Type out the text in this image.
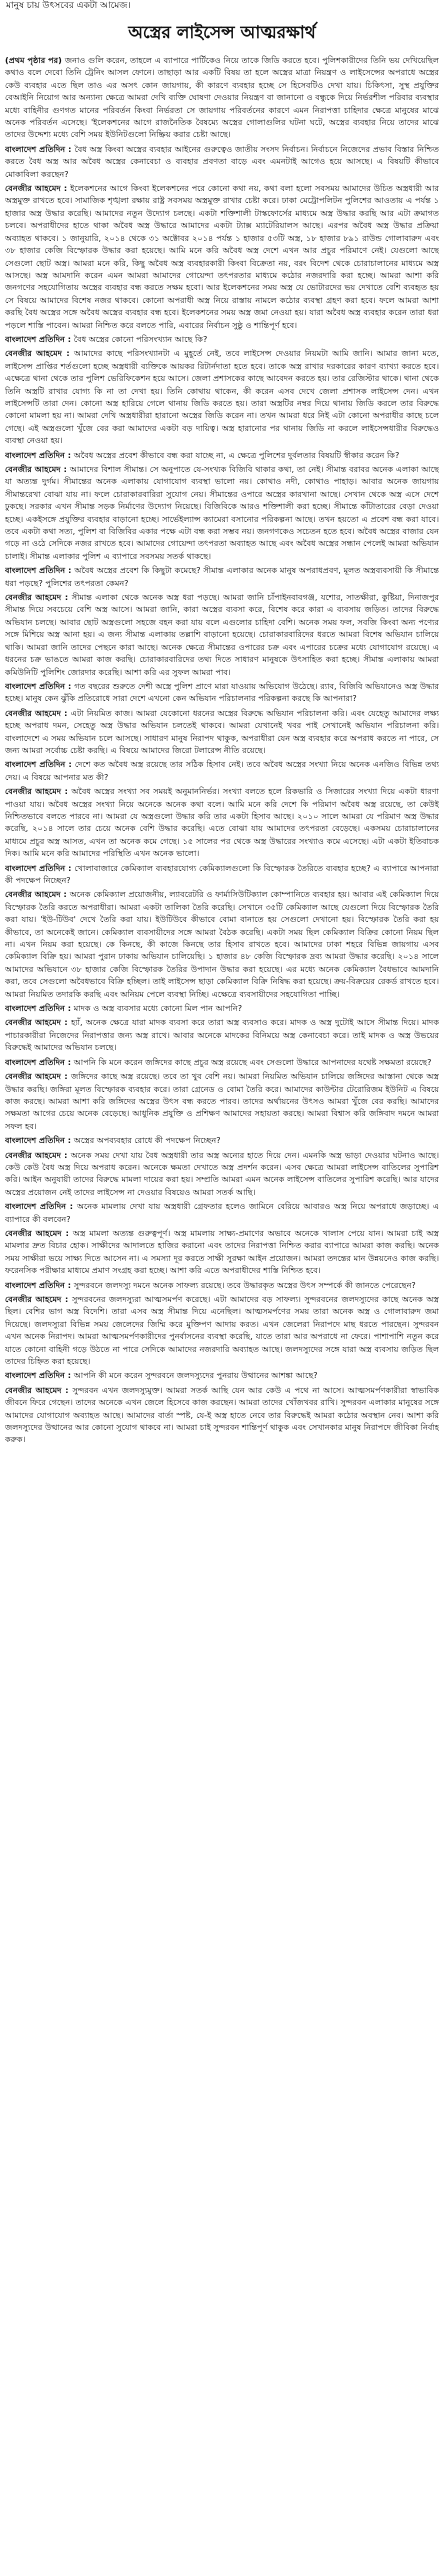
মানুষ চায় উৎসবের একটা আমেজ।
অস্ত্রের লাইসেন্স আত্মরক্ষার্থ

(প্রথম পৃষ্ঠার পর) জনাও গুলি করেন, তাহলে এ ব্যাপারে পার্টিকেও নিয়ে তাকে জিডি করতে হবে। পুলিশকারীদের তিনি ভয় দেখিয়েছিল কথাও বলে দেবো তিনি ট্রেনিং আসল ফোনে। তাছাড়া আর একটি বিষয় তা হলে অস্ত্রের মাত্রা নিয়ন্ত্রণ ও লাইসেন্সের অপরাধে অস্ত্রের কেউ ব্যবহার এতে ছিল তাও এর অসৎ কোন জায়গায়, কী কারণে ব্যবহার হচ্ছে সে হিসেবটিও দেখা যায়। চিকিৎসা, সুস্থ প্রযুক্তির বেআইনি নিয়োগ আর অন্যান্য ক্ষেত্রে আমরা দেখি ব্যক্তি ঘোষণা দেওয়ার নিয়ন্ত্রণ বা জানানো ও বন্ধুকে দিয়ে নির্ভরশীল পরিবার ব্যবস্থার মধ্যে বাহিনীর গুণগত মানের পরিবর্তন কিংবা নির্ভরতা সে জায়গায় পরিবর্তনের কারণে এমন নিরাপত্তা চাহিদার ক্ষেত্রে মানুষের মাঝে অনেক পরিবর্তন এসেছে। 'ইলেকশনের আগে রাজনৈতিক বৈষম্যে অস্ত্রের গোলাগুলির ঘটনা ঘটে, অস্ত্রের ব্যবহার নিয়ে তাদের মাঝে তাদের উদ্দেশ্য মধ্যে বেশি সময় ইউনিটগুলো নিষ্ক্রিয় করার চেষ্টা আছে।

বাংলাদেশ প্রতিদিন : বৈধ অস্ত্র কিংবা অস্ত্রের ব্যবহার আইনের গুরুত্বেও জাতীয় সংসদ নির্বাচন। নির্বাচনে নিজেদের প্রভাব বিস্তার নিশ্চিত করতে বৈধ অস্ত্র আর অবৈধ অস্ত্রের কেনাবেচা ও ব্যবহার প্রবণতা বাড়ে এবং এমনটাই আগেও হয়ে আসছে। এ বিষয়টি কীভাবে মোকাবিলা করছেন?

বেনজীর আহমেদ : ইলেকশনের আগে কিংবা ইলেকশনের পরে কোনো কথা নয়, কথা বলা হলো সবসময় আমাদের উচিত অস্ত্রধারী আর অস্ত্রমুক্ত রাখতে হবে। সামাজিক শৃঙ্খলা রক্ষায় রাষ্ট্র সবসময় অস্ত্রমুক্ত রাখার চেষ্টা করে। ঢাকা মেট্রোপলিটন পুলিশের আওতায় এ পর্যন্ত ১ হাজার অস্ত্র উদ্ধার করেছি। আমাদের নতুন উদ্যোগ চলছে। একটা শক্তিশালী টাস্কফোর্সের মাধ্যমে অস্ত্র উদ্ধার করছি আর এটা ক্রমাগত চলবে। অপরাধীদের হাতে থাকা অবৈধ অস্ত্র উদ্ধারে আমাদের একটা ট্যাক্স ম্যাটেরিয়ালস আছে। এরপর অবৈধ অস্ত্র উদ্ধার প্রক্রিয়া অব্যাহত থাকবে। ১ জানুয়ারি, ২০১৪ থেকে ৩১ অক্টোবর ২০১৪ পর্যন্ত ১ হাজার ৫৩টি অস্ত্র, ১৮ হাজার ৮৯১ রাউন্ড গোলাবারুদ এবং ৩৮ হাজার কেজি বিস্ফোরক উদ্ধার করা হয়েছে। আমি মনে করি অবৈধ অস্ত্র দেশে এখন আর প্রচুর পরিমাণে নেই। যেগুলো আছে সেগুলো ছোট অস্ত্র। আমরা মনে করি, কিছু অবৈধ অস্ত্র ব্যবহারকারী কিংবা বিক্রেতা নয়, বরং বিদেশ থেকে চোরাচালানের মাধ্যমে অস্ত্র আসছে। অস্ত্র আমদানি করেন এমন আমরা আমাদের গোয়েন্দা তৎপরতার মাধ্যমে কঠোর নজরদারি করা হচ্ছে। আমরা আশা করি জনগণের সহযোগিতায় অস্ত্রের ব্যবহার বন্ধ করতে সক্ষম হবো। আর ইলেকশনের সময় অস্ত্র যে ভোটারদের ভয় দেখাতে বেশি ব্যবহৃত হয় সে বিষয়ে আমাদের বিশেষ নজর থাকবে। কোনো অপরাধী অস্ত্র নিয়ে রাস্তায় নামলে কঠোর ব্যবস্থা গ্রহণ করা হবে। ফলে আমরা আশা করছি বৈধ অস্ত্রের সঙ্গে অবৈধ অস্ত্রের ব্যবহার বন্ধ হবে। ইলেকশনের সময় অস্ত্র জমা নেওয়া হয়। যারা অবৈধ অস্ত্র ব্যবহার করেন তারা ধরা পড়লে শাস্তি পাবেন। আমরা নিশ্চিত করে বলতে পারি, এবারের নির্বাচন সুষ্ঠু ও শান্তিপূর্ণ হবে।

বাংলাদেশ প্রতিদিন : বৈধ অস্ত্রের কোনো পরিসংখ্যান আছে কি?

বেনজীর আহমেদ : আমাদের কাছে পরিসংখ্যানটা এ মুহূর্তে নেই, তবে লাইসেন্স দেওয়ার নিয়মটা আমি জানি। আমার জানা মতে, লাইসেন্স প্রাপ্তির শর্তগুলো হচ্ছে অস্ত্রধারী ব্যক্তিকে আয়কর রিটার্নদাতা হতে হবে। তাকে অস্ত্র রাখার দরকারের কারণ ব্যাখ্যা করতে হবে। এক্ষেত্রে থানা থেকে তার পুলিশ ভেরিফিকেশন হয়ে আসে। জেলা প্রশাসকের কাছে আবেদন করতে হয়। তার রেজিস্টার থাকে। থানা থেকে তিনি অস্ত্রটি রাখার যোগ্য কি না তা দেখা হয়। তিনি কোথায় থাকেন, কী করেন এসব দেখে জেলা প্রশাসক লাইসেন্স দেন। এখন লাইসেন্সটি তারা দেন। কোনো অস্ত্র হারিয়ে গেলে থানায় জিডি করতে হয়। তারা অস্ত্রটির নম্বর দিয়ে থানায় জিডি করলে তার বিরুদ্ধে কোনো মামলা হয় না। আমরা দেখি অস্ত্রধারীরা হারানো অস্ত্রের জিডি করেন না। তখন আমরা ধরে নিই এটা কোনো অপরাধীর কাছে চলে গেছে। এই অস্ত্রগুলো খুঁজে বের করা আমাদের একটা বড় দায়িত্ব। অস্ত্র হারানোর পর থানায় জিডি না করলে লাইসেন্সধারীর বিরুদ্ধেও ব্যবস্থা নেওয়া হয়।

বাংলাদেশ প্রতিদিন : অবৈধ অস্ত্রের প্রবেশ কীভাবে বন্ধ করা যাচ্ছে না, এ ক্ষেত্রে পুলিশের দুর্বলতার বিষয়টি স্বীকার করেন কি?

বেনজীর আহমেদ : আমাদের বিশাল সীমান্ত। সে অনুপাতে যে-সংখ্যক বিজিবি থাকার কথা, তা নেই। সীমান্ত বরাবর অনেক এলাকা আছে যা অত্যন্ত দুর্গম। সীমান্তের অনেক এলাকায় যোগাযোগ ব্যবস্থা ভালো নয়। কোথাও নদী, কোথাও পাহাড়। আবার অনেক জায়গায় সীমান্তরেখা বোঝা যায় না। ফলে চোরাকারবারিরা সুযোগ নেয়। সীমান্তের ওপারে অস্ত্রের কারখানা আছে। সেখান থেকে অস্ত্র এসে দেশে ঢুকছে। সরকার এখন সীমান্ত সড়ক নির্মাণের উদ্যোগ নিয়েছে। বিজিবিকে আরও শক্তিশালী করা হচ্ছে। সীমান্তে কাঁটাতারের বেড়া দেওয়া হচ্ছে। একইসঙ্গে প্রযুক্তির ব্যবহার বাড়ানো হচ্ছে। সার্ভেইল্যান্স ক্যামেরা বসানোর পরিকল্পনা আছে। তখন হয়তো এ প্রবেশ বন্ধ করা যাবে। তবে একটা কথা সত্য, পুলিশ বা বিজিবির একার পক্ষে এটা বন্ধ করা সম্ভব নয়। জনগণকেও সচেতন হতে হবে। অবৈধ অস্ত্রের বাজার যেন গড়ে না ওঠে সেদিকে নজর রাখতে হবে। আমাদের গোয়েন্দা তৎপরতা অব্যাহত আছে এবং অবৈধ অস্ত্রের সন্ধান পেলেই আমরা অভিযান চালাই। সীমান্ত এলাকার পুলিশ এ ব্যাপারে সবসময় সতর্ক থাকছে।

বাংলাদেশ প্রতিদিন : অবৈধ অস্ত্রের প্রবেশ কি কিছুটা কমেছে? সীমান্ত এলাকার অনেক মানুষ অপরাধপ্রবণ, মূলত অস্ত্রব্যবসায়ী কি সীমান্তে ধরা পড়ছে? পুলিশের তৎপরতা কেমন?

বেনজীর আহমেদ : সীমান্ত এলাকা থেকে অনেক অস্ত্র ধরা পড়ছে। আমরা জানি চাঁপাইনবাবগঞ্জ, যশোর, সাতক্ষীরা, কুষ্টিয়া, দিনাজপুর সীমান্ত দিয়ে সবচেয়ে বেশি অস্ত্র আসে। আমরা জানি, কারা অস্ত্রের ব্যবসা করে, বিশেষ করে কারা এ ব্যবসায় জড়িত। তাদের বিরুদ্ধে অভিযান চলছে। আবার ছোট অস্ত্রগুলো সহজে বহন করা যায় বলে এগুলোর চাহিদা বেশি। অনেক সময় ফল, সবজি কিংবা অন্য পণ্যের সঙ্গে মিশিয়ে অস্ত্র আনা হয়। এ জন্য সীমান্ত এলাকায় তল্লাশি বাড়ানো হয়েছে। চোরাকারবারিদের ধরতে আমরা বিশেষ অভিযান চালিয়ে থাকি। আমরা জানি তাদের পেছনে কারা আছে। অনেক ক্ষেত্রে সীমান্তের ওপারের চক্র এবং এপারের চক্রের মধ্যে যোগাযোগ রয়েছে। এ ধরনের চক্র ভাঙতে আমরা কাজ করছি। চোরাকারবারিদের তথ্য দিতে সাধারণ মানুষকে উৎসাহিত করা হচ্ছে। সীমান্ত এলাকায় আমরা কমিউনিটি পুলিশিং জোরদার করেছি। আশা করি এর সুফল আমরা পাব।

বাংলাদেশ প্রতিদিন : গত বছরের শুরুতে দেশী অস্ত্রে পুলিশ প্রাণে মারা যাওয়ায় অভিযোগ উঠেছে। র‍্যাব, বিজিবি অভিযানেও অস্ত্র উদ্ধার হচ্ছে। মানুষ কেন ঝুঁকি প্রতিরোধে সারা দেশে এখনো কেন অভিযান পরিচালনার পরিকল্পনা করছে কি আপনারা?

বেনজীর আহমেদ : এটা নিয়মিত কাজ। আমরা যেকোনো ধরনের অস্ত্রের বিরুদ্ধে অভিযান পরিচালনা করি। এবং যেহেতু আমাদের লক্ষ্য হচ্ছে অপরাধ দমন, সেহেতু অস্ত্র উদ্ধার অভিযান চলতেই থাকবে। আমরা যেখানেই খবর পাই সেখানেই অভিযান পরিচালনা করি। বাংলাদেশে এ সময় অভিযান চলে আসছে। সাধারণ মানুষ নিরাপদ থাকুক, অপরাধীরা যেন অস্ত্র ব্যবহার করে অপরাধ করতে না পারে, সে জন্য আমরা সর্বোচ্চ চেষ্টা করছি। এ বিষয়ে আমাদের জিরো টলারেন্স নীতি রয়েছে।

বাংলাদেশ প্রতিদিন : দেশে কত অবৈধ অস্ত্র রয়েছে তার সঠিক হিসাব নেই। তবে অবৈধ অস্ত্রের সংখ্যা নিয়ে অনেক এনজিও বিভিন্ন তথ্য দেয়। এ বিষয়ে আপনার মত কী?

বেনজীর আহমেদ : অবৈধ অস্ত্রের সংখ্যা সব সময়ই অনুমাননির্ভর। সংখ্যা বলতে হলে রিকভারি ও সিজারের সংখ্যা দিয়ে একটা ধারণা পাওয়া যায়। অবৈধ অস্ত্রের সংখ্যা নিয়ে অনেকে অনেক কথা বলে। আমি মনে করি দেশে কি পরিমাণ অবৈধ অস্ত্র রয়েছে, তা কেউই নিশ্চিতভাবে বলতে পারবে না। আমরা যে অস্ত্রগুলো উদ্ধার করি তার একটা হিসাব আছে। ২০১০ সালে আমরা যে পরিমাণ অস্ত্র উদ্ধার করেছি, ২০১৪ সালে তার চেয়ে অনেক বেশি উদ্ধার করেছি। এতে বোঝা যায় আমাদের তৎপরতা বেড়েছে। একসময় চোরাচালানের মাধ্যমে প্রচুর অস্ত্র আসত, এখন তা অনেক কমে গেছে। ১৫ সালের পর থেকে অস্ত্র উদ্ধারের সংখ্যাও কমে এসেছে। এটা একটা ইতিবাচক দিক। আমি মনে করি আমাদের পরিস্থিতি এখন অনেক ভালো।

বাংলাদেশ প্রতিদিন : খোলাবাজারে কেমিক্যাল ব্যবহারযোগ্য কেমিক্যালগুলো কি বিস্ফোরক তৈরিতে ব্যবহার হচ্ছে? এ ব্যাপারে আপনারা কী পদক্ষেপ নিচ্ছেন?

বেনজীর আহমেদ : অনেক কেমিক্যাল প্রয়োজনীয়, ল্যাবরেটরি ও ফার্মাসিউটিক্যাল কোম্পানিতে ব্যবহার হয়। আবার এই কেমিক্যাল দিয়ে বিস্ফোরক তৈরি করতে অপরাধীরা। আমরা একটা তালিকা তৈরি করেছি। সেখানে ৩৫টি কেমিক্যাল আছে যেগুলো দিয়ে বিস্ফোরক তৈরি করা যায়। 'ইউ-টিউব' দেখে তৈরি করা যায়। ইউটিউবে কীভাবে বোমা বানাতে হয় সেগুলো দেখানো হয়। বিস্ফোরক তৈরি করা হয় কীভাবে, তা অনেকেই জানে। কেমিক্যাল ব্যবসায়ীদের সঙ্গে আমরা বৈঠক করেছি। একটা সময় ছিল কেমিক্যাল বিক্রির কোনো নিয়ম ছিল না। এখন নিয়ম করা হয়েছে। কে কিনছে, কী কাজে কিনছে তার হিসাব রাখতে হবে। আমাদের ঢাকা শহরে বিভিন্ন জায়গায় এসব কেমিক্যাল বিক্রি হয়। আমরা পুরান ঢাকায় অভিযান চালিয়েছি। ১ হাজার ৪৮ কেজি বিস্ফোরক দ্রব্য আমরা উদ্ধার করেছি। ২০১৪ সালে আমাদের অভিযানে ৩৮ হাজার কেজি বিস্ফোরক তৈরির উপাদান উদ্ধার করা হয়েছে। এর মধ্যে অনেক কেমিক্যাল বৈধভাবে আমদানি করা, তবে সেগুলো অবৈধভাবে বিক্রি হচ্ছিল। তাই লাইসেন্স ছাড়া কেমিক্যাল বিক্রি নিষিদ্ধ করা হয়েছে। ক্রয়-বিক্রয়ের রেকর্ড রাখতে হবে। আমরা নিয়মিত তদারকি করছি এবং অনিয়ম পেলে ব্যবস্থা নিচ্ছি। এক্ষেত্রে ব্যবসায়ীদের সহযোগিতা পাচ্ছি।

বাংলাদেশ প্রতিদিন : মাদক ও অস্ত্র ব্যবসার মধ্যে কোনো মিল পান আপনি?

বেনজীর আহমেদ : হ্যাঁ, অনেক ক্ষেত্রে যারা মাদক ব্যবসা করে তারা অস্ত্র ব্যবসাও করে। মাদক ও অস্ত্র দুটোই আসে সীমান্ত দিয়ে। মাদক পাচারকারীরা নিজেদের নিরাপত্তার জন্য অস্ত্র রাখে। আবার অনেকে মাদকের বিনিময়ে অস্ত্র কেনাবেচা করে। তাই মাদক ও অস্ত্র উভয়ের বিরুদ্ধেই আমাদের অভিযান চলছে।

বাংলাদেশ প্রতিদিন : আপনি কি মনে করেন জঙ্গিদের কাছে প্রচুর অস্ত্র রয়েছে এবং সেগুলো উদ্ধারে আপনাদের যথেষ্ট সক্ষমতা রয়েছে?

বেনজীর আহমেদ : জঙ্গিদের কাছে অস্ত্র রয়েছে। তবে তা খুব বেশি নয়। আমরা নিয়মিত অভিযান চালিয়ে জঙ্গিদের আস্তানা থেকে অস্ত্র উদ্ধার করছি। জঙ্গিরা মূলত বিস্ফোরক ব্যবহার করে। তারা গ্রেনেড ও বোমা তৈরি করে। আমাদের কাউন্টার টেরোরিজম ইউনিট এ বিষয়ে কাজ করছে। আমরা আশা করি জঙ্গিদের অস্ত্রের উৎস বন্ধ করতে পারব। তাদের অর্থায়নের উৎসও আমরা খুঁজে বের করছি। আমাদের সক্ষমতা আগের চেয়ে অনেক বেড়েছে। আধুনিক প্রযুক্তি ও প্রশিক্ষণ আমাদের সহায়তা করছে। আমরা বিশ্বাস করি জঙ্গিবাদ দমনে আমরা সফল হব।

বাংলাদেশ প্রতিদিন : অস্ত্রের অপব্যবহার রোধে কী পদক্ষেপ নিচ্ছেন?

বেনজীর আহমেদ : অনেক সময় দেখা যায় বৈধ অস্ত্রধারী তার অস্ত্র অন্যের হাতে দিয়ে দেন। এমনকি অস্ত্র ভাড়া দেওয়ার ঘটনাও আছে। কেউ কেউ বৈধ অস্ত্র দিয়ে অপরাধ করেন। অনেকে ক্ষমতা দেখাতে অস্ত্র প্রদর্শন করেন। এসব ক্ষেত্রে আমরা লাইসেন্স বাতিলের সুপারিশ করি। আইন অনুযায়ী তাদের বিরুদ্ধে মামলা দায়ের করা হয়। সম্প্রতি আমরা এমন অনেক লাইসেন্স বাতিলের সুপারিশ করেছি। আর যাদের অস্ত্রের প্রয়োজন নেই তাদের লাইসেন্স না দেওয়ার বিষয়েও আমরা সতর্ক আছি।

বাংলাদেশ প্রতিদিন : অনেক মামলায় দেখা যায় অস্ত্রধারী গ্রেফতার হলেও জামিনে বেরিয়ে আবারও অস্ত্র নিয়ে অপরাধে জড়াচ্ছে। এ ব্যাপারে কী বলবেন?

বেনজীর আহমেদ : অস্ত্র মামলা অত্যন্ত গুরুত্বপূর্ণ। অস্ত্র মামলায় সাক্ষ্য-প্রমাণের অভাবে অনেকে খালাস পেয়ে যান। আমরা চাই অস্ত্র মামলার দ্রুত বিচার হোক। সাক্ষীদের আদালতে হাজির করানো এবং তাদের নিরাপত্তা নিশ্চিত করার ব্যাপারে আমরা কাজ করছি। অনেক সময় সাক্ষীরা ভয়ে সাক্ষ্য দিতে আসেন না। এ সমস্যা দূর করতে সাক্ষী সুরক্ষা আইন প্রয়োজন। আমরা তদন্তের মান উন্নয়নেও কাজ করছি। ফরেনসিক পরীক্ষার মাধ্যমে প্রমাণ সংগ্রহ করা হচ্ছে। আশা করি এতে অপরাধীদের শাস্তি নিশ্চিত হবে।

বাংলাদেশ প্রতিদিন : সুন্দরবনে জলদস্যু দমনে অনেক সাফল্য রয়েছে। তবে উদ্ধারকৃত অস্ত্রের উৎস সম্পর্কে কী জানতে পেরেছেন?

বেনজীর আহমেদ : সুন্দরবনের জলদস্যুরা আত্মসমর্পণ করেছে। এটা আমাদের বড় সাফল্য। সুন্দরবনের জলদস্যুদের কাছে অনেক অস্ত্র ছিল। বেশির ভাগ অস্ত্র বিদেশি। তারা এসব অস্ত্র সীমান্ত দিয়ে এনেছিল। আত্মসমর্পণের সময় তারা অনেক অস্ত্র ও গোলাবারুদ জমা দিয়েছে। জলদস্যুরা বিভিন্ন সময় জেলেদের জিম্মি করে মুক্তিপণ আদায় করত। এখন জেলেরা নিরাপদে মাছ ধরতে পারছেন। সুন্দরবন এখন অনেক নিরাপদ। আমরা আত্মসমর্পণকারীদের পুনর্বাসনের ব্যবস্থা করেছি, যাতে তারা আর অপরাধে না ফেরে। পাশাপাশি নতুন করে যাতে কোনো বাহিনী গড়ে উঠতে না পারে সেদিকে আমাদের নজরদারি অব্যাহত আছে। জলদস্যুদের সঙ্গে যারা অস্ত্র ব্যবসায় জড়িত ছিল তাদের চিহ্নিত করা হয়েছে।

বাংলাদেশ প্রতিদিন : আপনি কী মনে করেন সুন্দরবনে জলদস্যুদের পুনরায় উত্থানের আশঙ্কা আছে?

বেনজীর আহমেদ : সুন্দরবন এখন জলদস্যুমুক্ত। আমরা সতর্ক আছি যেন আর কেউ এ পথে না আসে। আত্মসমর্পণকারীরা স্বাভাবিক জীবনে ফিরে গেছেন। তাদের অনেকে এখন জেলে হিসেবে কাজ করছেন। আমরা তাদের খোঁজখবর রাখি। সুন্দরবন এলাকার মানুষের সঙ্গে আমাদের যোগাযোগ অব্যাহত আছে। আমাদের বার্তা স্পষ্ট, যে-ই অস্ত্র হাতে নেবে তার বিরুদ্ধেই আমরা কঠোর অবস্থান নেব। আশা করি জলদস্যুদের উত্থানের আর কোনো সুযোগ থাকবে না। আমরা চাই সুন্দরবন শান্তিপূর্ণ থাকুক এবং সেখানকার মানুষ নিরাপদে জীবিকা নির্বাহ করুক।
